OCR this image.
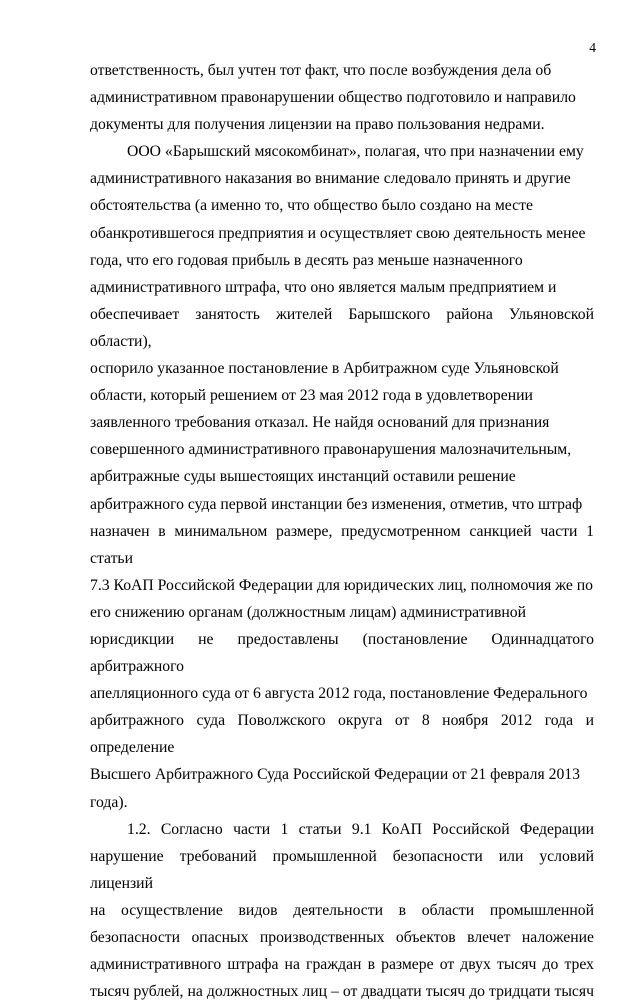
4

ответственность, был учтен тот факт, что после возбуждения дела об
административном правонарушении общество подготовило и направило
документы для получения лицензии на право пользования недрами.

ООО «Барышский мясокомбинат», полагая, что при назначении ему
административного наказания во внимание следовало принять и другие
обстоятельства (а именно то, что общество было создано на месте
обанкротившегося предприятия и осуществляет свою деятельность менее
года, что его годовая прибыль в десять раз меньше назначенного
административного штрафа, что оно является малым предприятием и
обеспечивает занятость жителей Барышского района Ульяновской области),
оспорило указанное постановление в Арбитражном суде Ульяновской
области, который решением от 23 мая 2012 года в удовлетворении
заявленного требования отказал. Не найдя оснований для признания
совершенного административного правонарушения малозначительным,
арбитражные суды вышестоящих инстанций оставили решение
арбитражного суда первой инстанции без изменения, отметив, что штраф
назначен в минимальном размере, предусмотренном санкцией части 1 статьи
7.3 КоАП Российской Федерации для юридических лиц, полномочия же по
его снижению органам (должностным лицам) административной
юрисдикции не предоставлены (постановление Одиннадцатого арбитражного
апелляционного суда от 6 августа 2012 года, постановление Федерального
арбитражного суда Поволжского округа от 8 ноября 2012 года и определение
Высшего Арбитражного Суда Российской Федерации от 21 февраля 2013
года).

1.2. Согласно части 1 статьи 9.1 КоАП Российской Федерации
нарушение требований промышленной безопасности или условий лицензий
на осуществление видов деятельности в области промышленной
безопасности опасных производственных объектов влечет наложение
административного штрафа на граждан в размере от двух тысяч до трех
тысяч рублей, на должностных лиц – от двадцати тысяч до тридцати тысяч
